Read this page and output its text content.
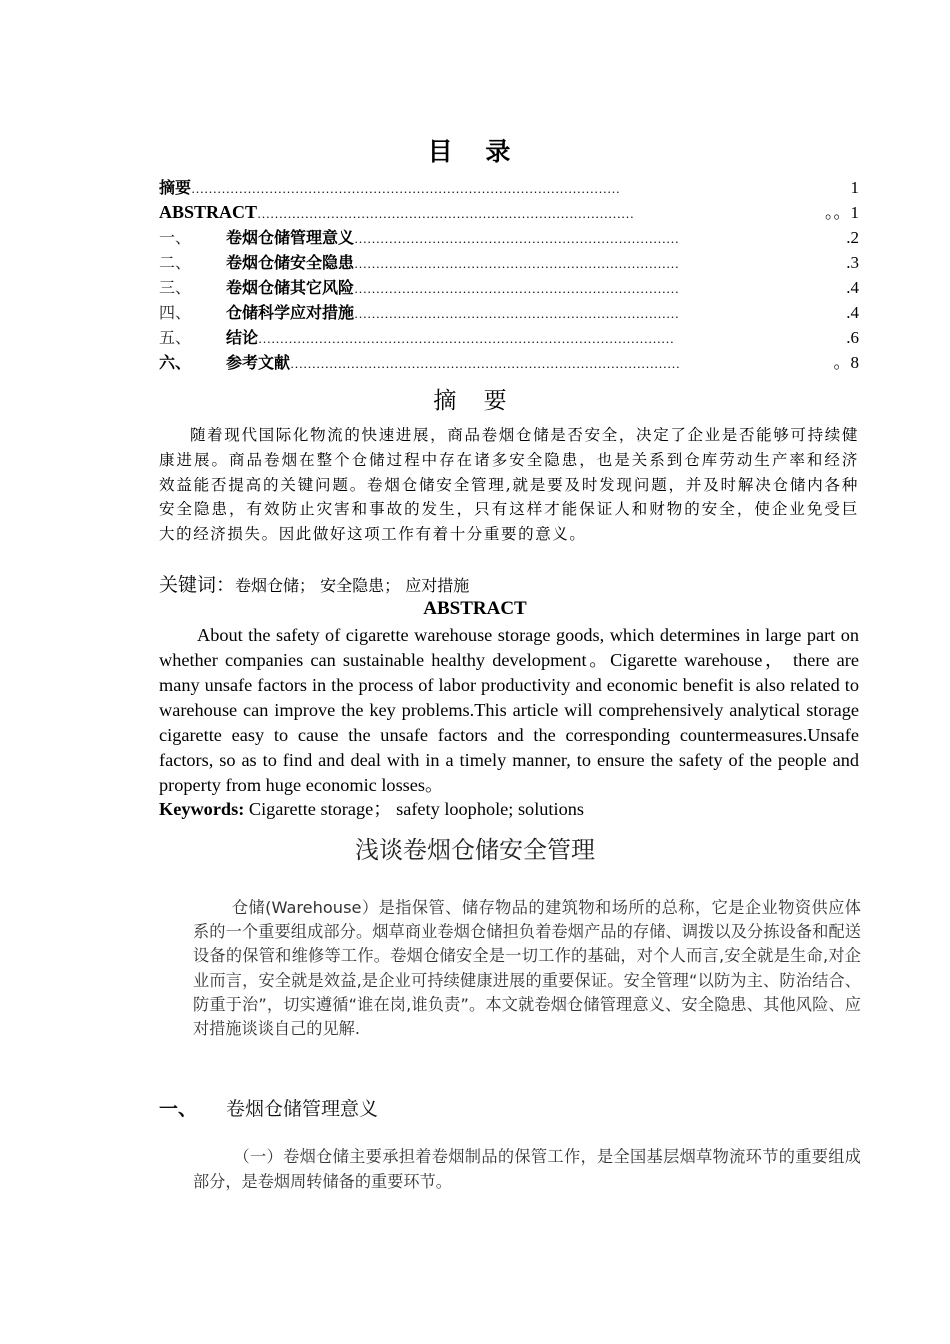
目 录
摘要 ………………………………………………………………………………………	1
ABSTRACT ……………………………………………………………………………	。。1
一、	卷烟仓储管理意义 …………………………………………………………………	.2
二、	卷烟仓储安全隐患 …………………………………………………………………	.3
三、	卷烟仓储其它风险 …………………………………………………………………	.4
四、	仓储科学应对措施 …………………………………………………………………	.4
五、	结论 ……………………………………………………………………………………	.6
六、	参考文献 ………………………………………………………………………………	。8
摘 要

随着现代国际化物流的快速进展，商品卷烟仓储是否安全，决定了企业是否能够可持续健康进展。商品卷烟在整个仓储过程中存在诸多安全隐患，也是关系到仓库劳动生产率和经济效益能否提高的关键问题。卷烟仓储安全管理,就是要及时发现问题，并及时解决仓储内各种安全隐患，有效防止灾害和事故的发生，只有这样才能保证人和财物的安全，使企业免受巨大的经济损失。因此做好这项工作有着十分重要的意义。

关键词：卷烟仓储； 安全隐患； 应对措施
ABSTRACT

About the safety of cigarette warehouse storage goods, which determines in large part on whether companies can sustainable healthy development。Cigarette warehouse， there are many unsafe factors in the process of labor productivity and economic benefit is also related to warehouse can improve the key problems.This article will comprehensively analytical storage cigarette easy to cause the unsafe factors and the corresponding countermeasures.Unsafe factors, so as to find and deal with in a timely manner, to ensure the safety of the people and property from huge economic losses。

Keywords: Cigarette storage； safety loophole; solutions
浅谈卷烟仓储安全管理

仓储(Warehouse）是指保管、储存物品的建筑物和场所的总称，它是企业物资供应体系的一个重要组成部分。烟草商业卷烟仓储担负着卷烟产品的存储、调拨以及分拣设备和配送设备的保管和维修等工作。卷烟仓储安全是一切工作的基础，对个人而言,安全就是生命,对企业而言，安全就是效益,是企业可持续健康进展的重要保证。安全管理“以防为主、防治结合、防重于治”，切实遵循“谁在岗,谁负责”。本文就卷烟仓储管理意义、安全隐患、其他风险、应对措施谈谈自己的见解.

一、 卷烟仓储管理意义

（一）卷烟仓储主要承担着卷烟制品的保管工作，是全国基层烟草物流环节的重要组成部分，是卷烟周转储备的重要环节。
